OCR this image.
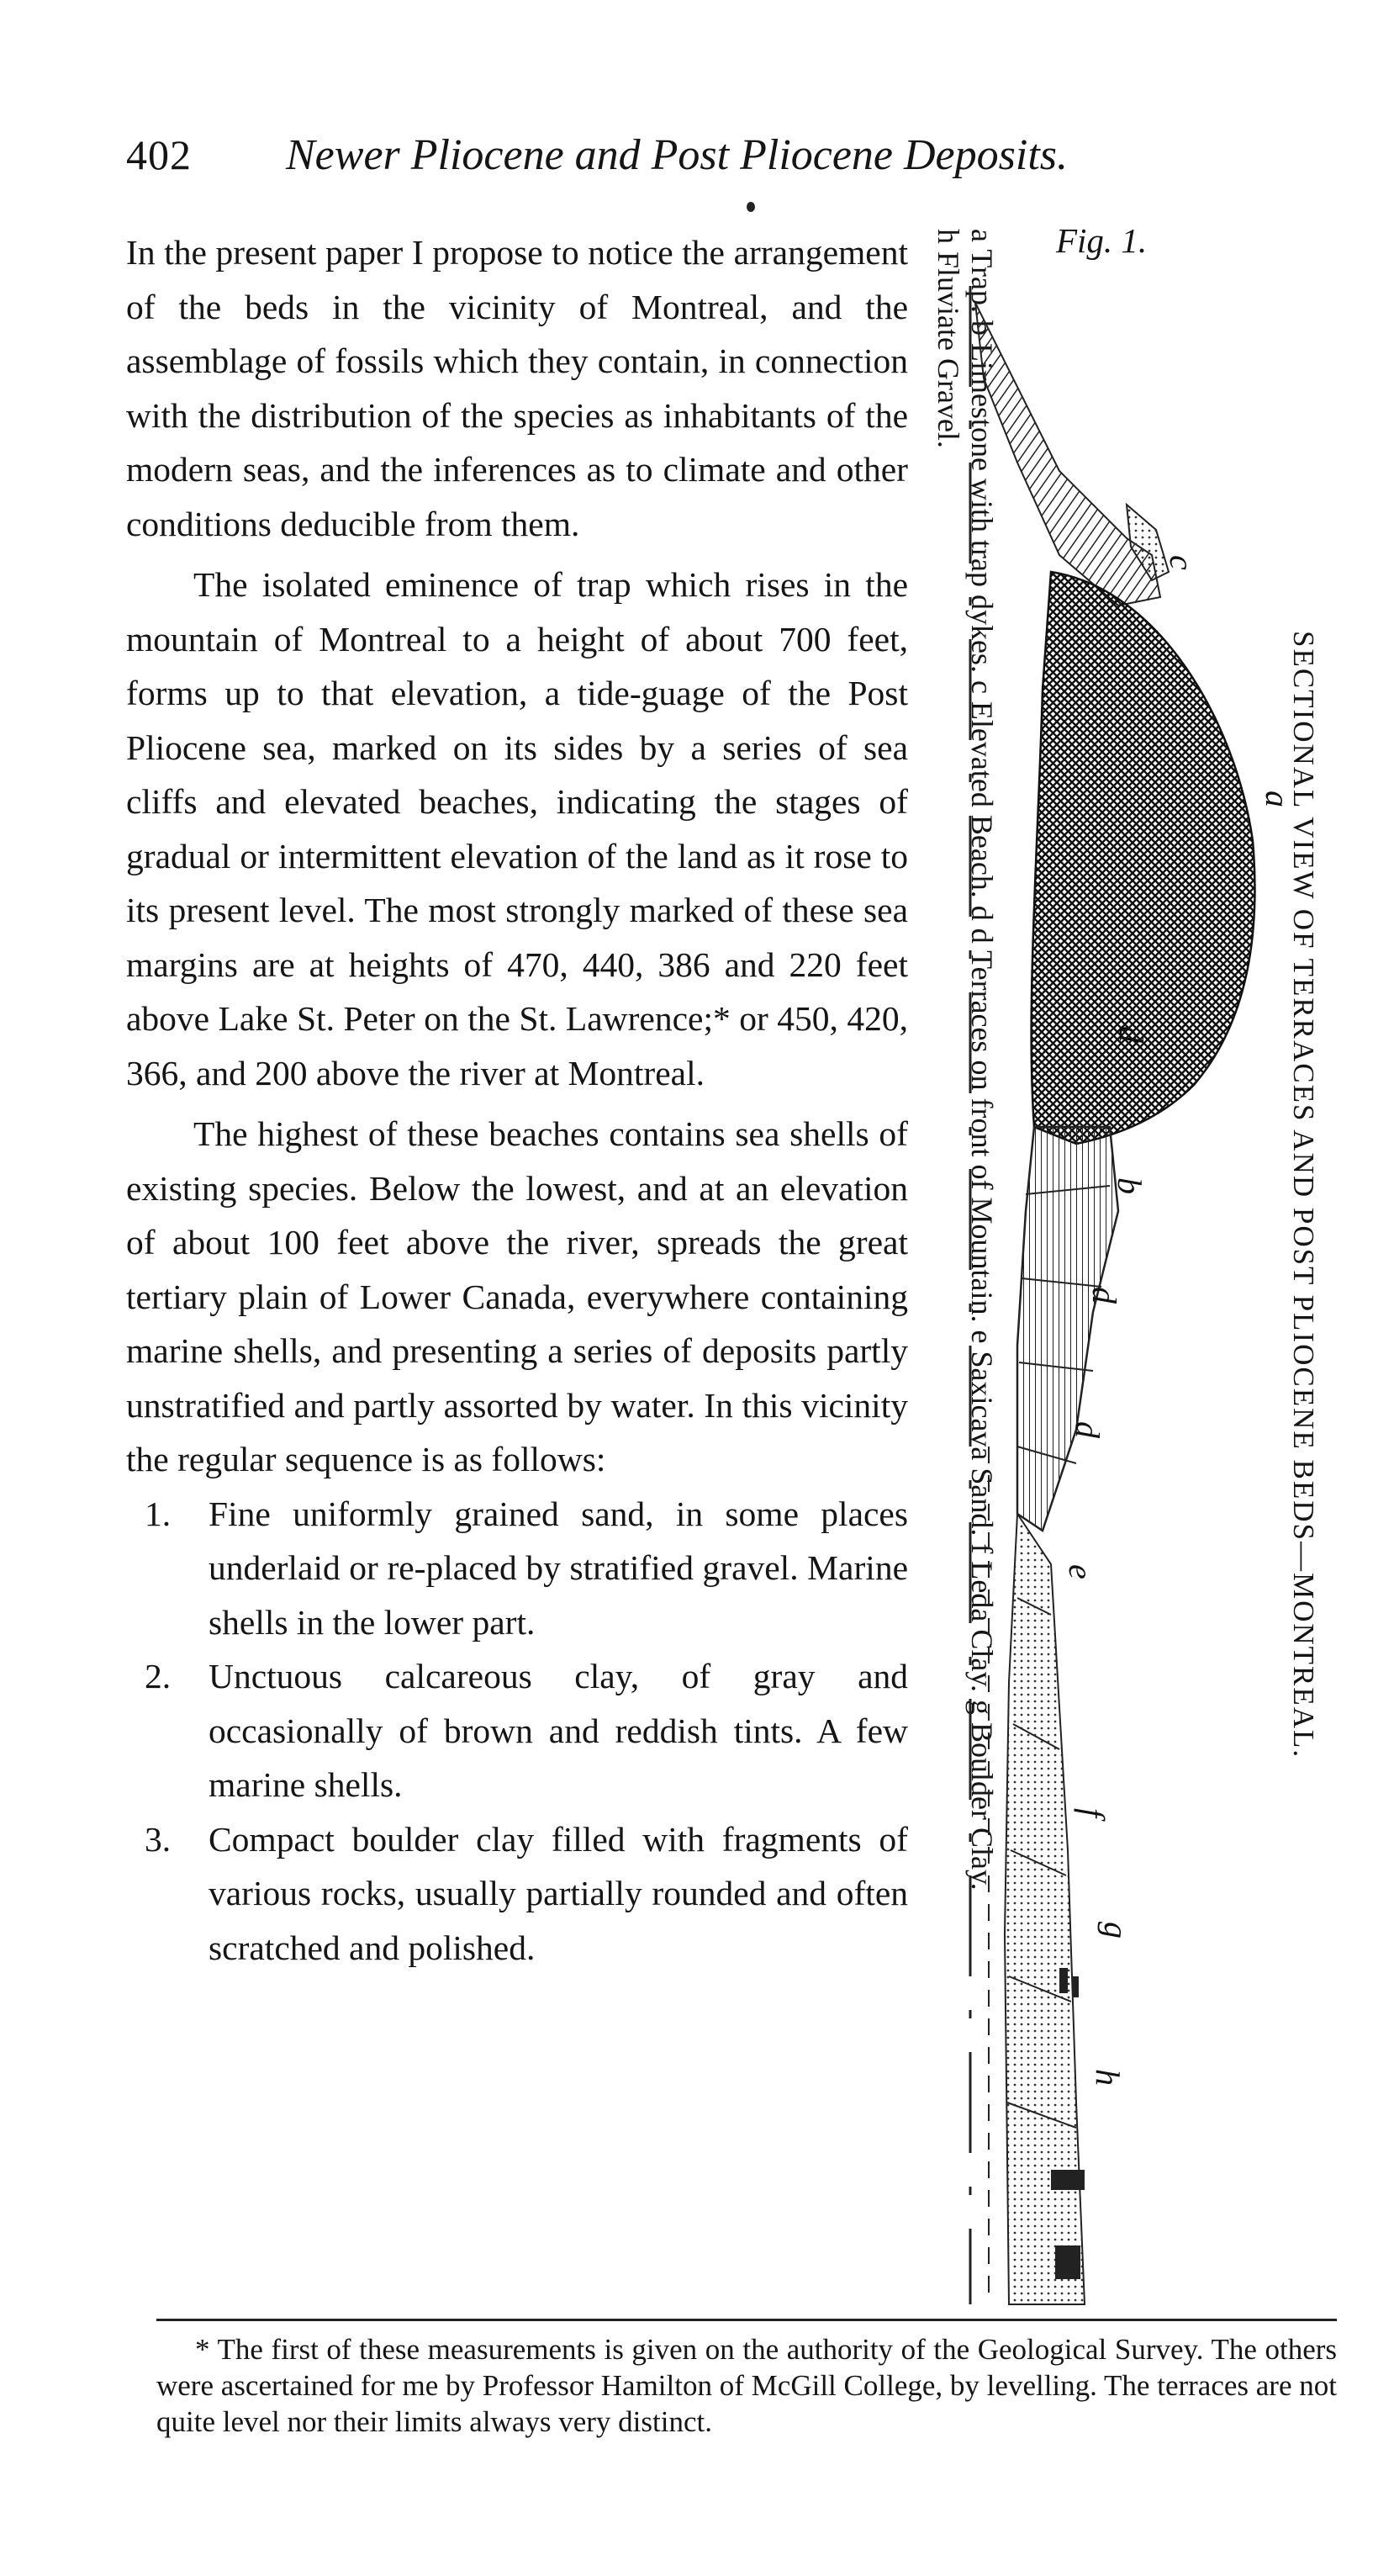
402 Newer Pliocene and Post Pliocene Deposits.

In the present paper I propose to notice the arrangement of the beds in the vicinity of Montreal, and the assemblage of fossils which they contain, in connection with the distribution of the species as inhabitants of the modern seas, and the inferences as to climate and other conditions deducible from them.

The isolated eminence of trap which rises in the mountain of Montreal to a height of about 700 feet, forms up to that elevation, a tide-guage of the Post Pliocene sea, marked on its sides by a series of sea cliffs and elevated beaches, indicating the stages of gradual or intermittent elevation of the land as it rose to its present level. The most strongly marked of these sea margins are at heights of 470, 440, 386 and 220 feet above Lake St. Peter on the St. Lawrence;* or 450, 420, 366, and 200 above the river at Montreal.

The highest of these beaches contains sea shells of existing species. Below the lowest, and at an elevation of about 100 feet above the river, spreads the great tertiary plain of Lower Canada, everywhere containing marine shells, and presenting a series of deposits partly unstratified and partly assorted by water. In this vicinity the regular sequence is as follows:

1. Fine uniformly grained sand, in some places underlaid or re-placed by stratified gravel. Marine shells in the lower part.
2. Unctuous calcareous clay, of gray and occasionally of brown and reddish tints. A few marine shells.
3. Compact boulder clay filled with fragments of various rocks, usually partially rounded and often scratched and polished.
Fig. 1.
a Trap. b Limestone with trap dykes. c Elevated Beach. d d Terraces on front of Mountain. e Saxicava Sand. f Leda Clay. g Boulder Clay.
h Fluviate Gravel.
SECTIONAL VIEW OF TERRACES AND POST PLIOCENE BEDS—MONTREAL.
c
a
d
b
d
d
e
f
g
h

* The first of these measurements is given on the authority of the Geological Survey. The others were ascertained for me by Professor Hamilton of McGill College, by levelling. The terraces are not quite level nor their limits always very distinct.
